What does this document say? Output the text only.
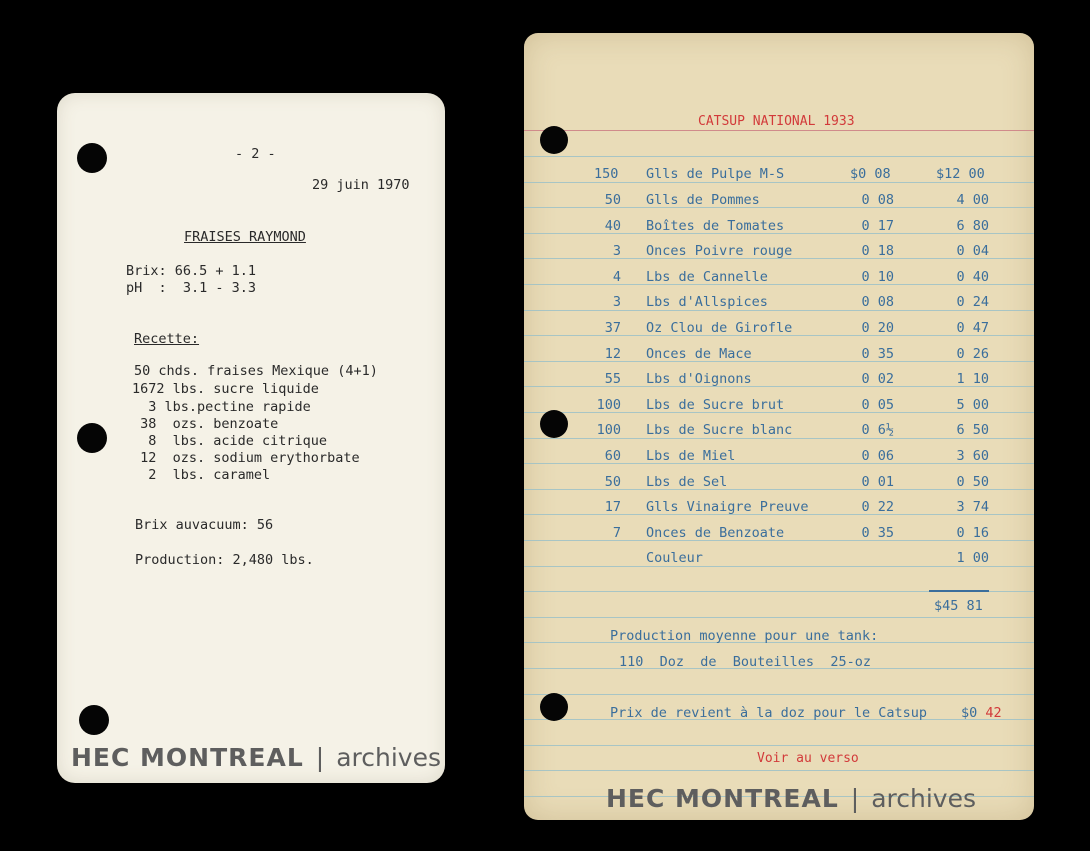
- 2 -
29 juin 1970
FRAISES RAYMOND
Brix: 66.5 + 1.1
pH  :  3.1 - 3.3
Recette:
50 chds. fraises Mexique (4+1)
1672 lbs. sucre liquide
3 lbs.pectine rapide
38  ozs. benzoate
8  lbs. acide citrique
12  ozs. sodium erythorbate
2  lbs. caramel
Brix auvacuum: 56
Production: 2,480 lbs.
HEC MONTREAL | archives
CATSUP NATIONAL 1933
150 Glls de Pulpe M-S	$0 08	$12 00
50 Glls de Pommes	0 08	4 00
40 Boîtes de Tomates	0 17	6 80
3 Onces Poivre rouge	0 18	0 04
4 Lbs de Cannelle	0 10	0 40
3 Lbs d'Allspices	0 08	0 24
37 Oz Clou de Girofle	0 20	0 47
12 Onces de Mace	0 35	0 26
55 Lbs d'Oignons	0 02	1 10
100 Lbs de Sucre brut	0 05	5 00
100 Lbs de Sucre blanc	0 6½	6 50
60 Lbs de Miel	0 06	3 60
50 Lbs de Sel	0 01	0 50
17 Glls Vinaigre Preuve	0 22	3 74
7 Onces de Benzoate	0 35	0 16
Couleur	1 00
$45 81
Production moyenne pour une tank:
110  Doz  de  Bouteilles  25-oz
Prix de revient à la doz pour le Catsup	$0 42
Voir au verso
HEC MONTREAL | archives
